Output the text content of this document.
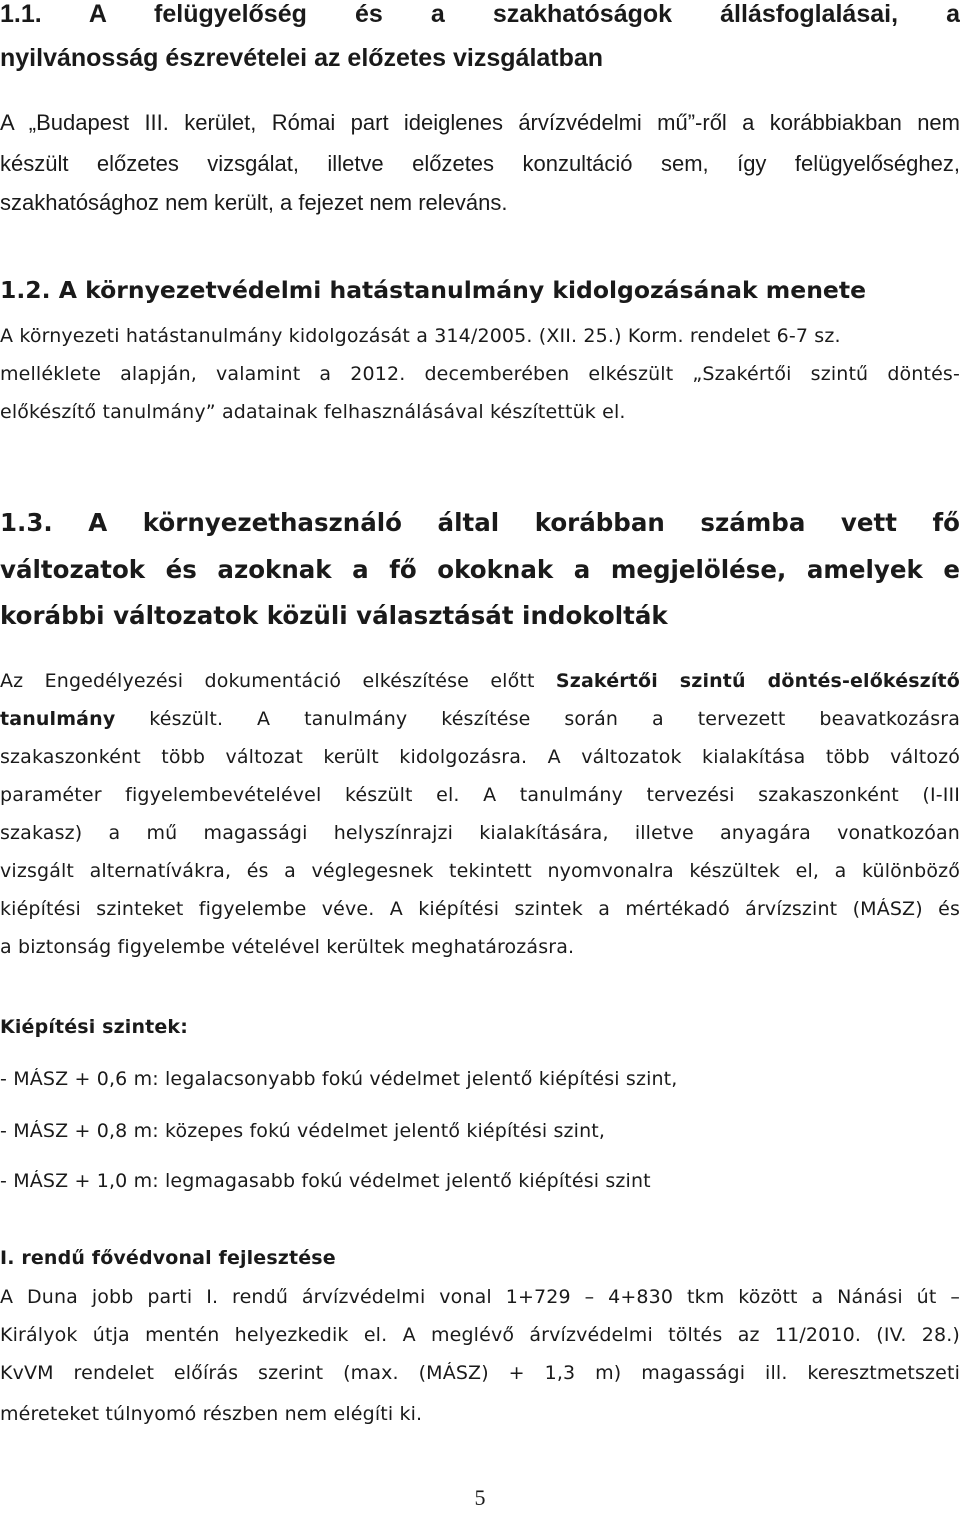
1.1. A felügyelőség és a szakhatóságok állásfoglalásai, a
nyilvánosság észrevételei az előzetes vizsgálatban
A „Budapest III. kerület, Római part ideiglenes árvízvédelmi mű”-ről a korábbiakban nem
készült előzetes vizsgálat, illetve előzetes konzultáció sem, így felügyelőséghez,
szakhatósághoz nem került, a fejezet nem releváns.
1.2. A környezetvédelmi hatástanulmány kidolgozásának menete
A környezeti hatástanulmány kidolgozását a 314/2005. (XII. 25.) Korm. rendelet 6-7 sz.
melléklete alapján, valamint a 2012. decemberében elkészült „Szakértői szintű döntés-
előkészítő tanulmány” adatainak felhasználásával készítettük el.
1.3. A környezethasználó által korábban számba vett fő
változatok és azoknak a fő okoknak a megjelölése, amelyek e
korábbi változatok közüli választását indokolták
Az Engedélyezési dokumentáció elkészítése előtt Szakértői szintű döntés-előkészítő
tanulmány készült. A tanulmány készítése során a tervezett beavatkozásra
szakaszonként több változat került kidolgozásra. A változatok kialakítása több változó
paraméter figyelembevételével készült el. A tanulmány tervezési szakaszonként (I-III
szakasz) a mű magassági helyszínrajzi kialakítására, illetve anyagára vonatkozóan
vizsgált alternatívákra, és a véglegesnek tekintett nyomvonalra készültek el, a különböző
kiépítési szinteket figyelembe véve. A kiépítési szintek a mértékadó árvízszint (MÁSZ) és
a biztonság figyelembe vételével kerültek meghatározásra.
Kiépítési szintek:
- MÁSZ + 0,6 m: legalacsonyabb fokú védelmet jelentő kiépítési szint,
- MÁSZ + 0,8 m: közepes fokú védelmet jelentő kiépítési szint,
- MÁSZ + 1,0 m: legmagasabb fokú védelmet jelentő kiépítési szint
I. rendű fővédvonal fejlesztése
A Duna jobb parti I. rendű árvízvédelmi vonal 1+729 – 4+830 tkm között a Nánási út –
Királyok útja mentén helyezkedik el. A meglévő árvízvédelmi töltés az 11/2010. (IV. 28.)
KvVM rendelet előírás szerint (max. (MÁSZ) + 1,3 m) magassági ill. keresztmetszeti
méreteket túlnyomó részben nem elégíti ki.
5
